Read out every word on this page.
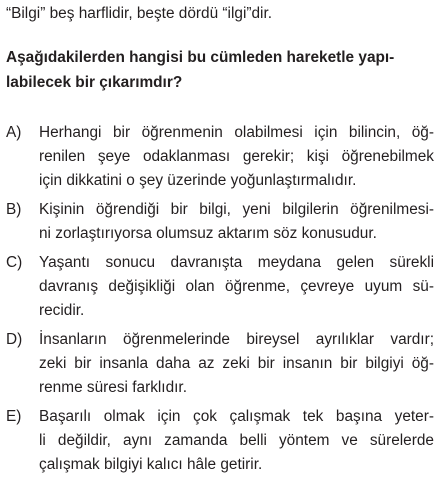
“Bilgi” beş harflidir, beşte dördü “ilgi”dir.
Aşağıdakilerden hangisi bu cümleden hareketle yapı-
labilecek bir çıkarımdır?
A) Herhangi bir öğrenmenin olabilmesi için bilincin, öğ-
renilen şeye odaklanması gerekir; kişi öğrenebilmek
için dikkatini o şey üzerinde yoğunlaştırmalıdır.
B) Kişinin öğrendiği bir bilgi, yeni bilgilerin öğrenilmesi-
ni zorlaştırıyorsa olumsuz aktarım söz konusudur.
C) Yaşantı sonucu davranışta meydana gelen sürekli
davranış değişikliği olan öğrenme, çevreye uyum sü-
recidir.
D) İnsanların öğrenmelerinde bireysel ayrılıklar vardır;
zeki bir insanla daha az zeki bir insanın bir bilgiyi öğ-
renme süresi farklıdır.
E) Başarılı olmak için çok çalışmak tek başına yeter-
li değildir, aynı zamanda belli yöntem ve sürelerde
çalışmak bilgiyi kalıcı hâle getirir.
